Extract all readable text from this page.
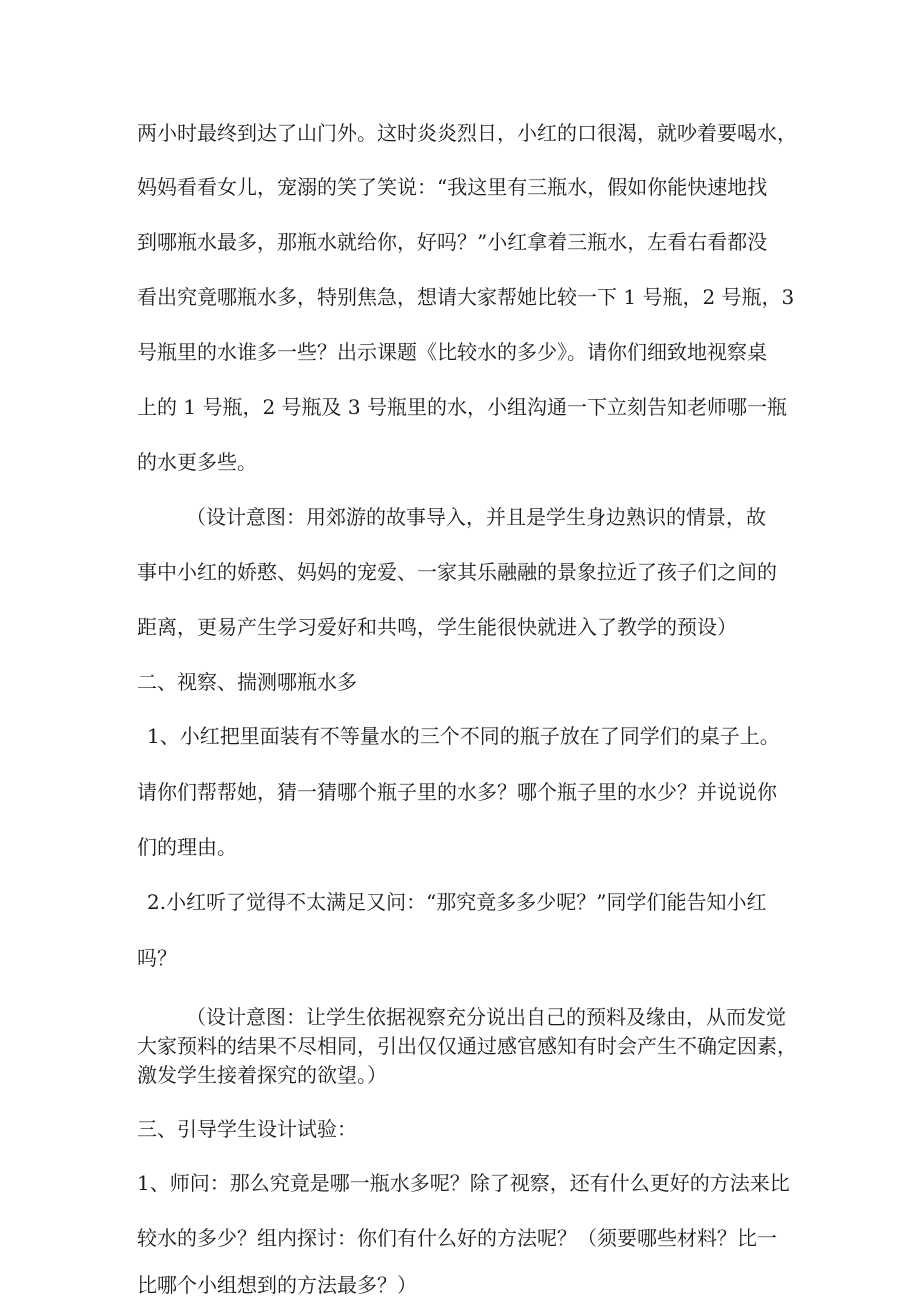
两小时最终到达了山门外。这时炎炎烈日，小红的口很渴，就吵着要喝水，
妈妈看看女儿，宠溺的笑了笑说：“我这里有三瓶水，假如你能快速地找
到哪瓶水最多，那瓶水就给你，好吗？”小红拿着三瓶水，左看右看都没
看出究竟哪瓶水多，特别焦急，想请大家帮她比较一下 1 号瓶，2 号瓶，3
号瓶里的水谁多一些？出示课题《比较水的多少》。请你们细致地视察桌
上的 1 号瓶，2 号瓶及 3 号瓶里的水，小组沟通一下立刻告知老师哪一瓶
的水更多些。
（设计意图：用郊游的故事导入，并且是学生身边熟识的情景，故
事中小红的娇憨、妈妈的宠爱、一家其乐融融的景象拉近了孩子们之间的
距离，更易产生学习爱好和共鸣，学生能很快就进入了教学的预设）
二、视察、揣测哪瓶水多
1、小红把里面装有不等量水的三个不同的瓶子放在了同学们的桌子上。
请你们帮帮她，猜一猜哪个瓶子里的水多？哪个瓶子里的水少？并说说你
们的理由。
2.小红听了觉得不太满足又问：“那究竟多多少呢？”同学们能告知小红
吗？
（设计意图：让学生依据视察充分说出自己的预料及缘由，从而发觉
大家预料的结果不尽相同，引出仅仅通过感官感知有时会产生不确定因素，
激发学生接着探究的欲望。）
三、引导学生设计试验：
1、师问：那么究竟是哪一瓶水多呢？除了视察，还有什么更好的方法来比
较水的多少？组内探讨：你们有什么好的方法呢？（须要哪些材料？比一
比哪个小组想到的方法最多？）
